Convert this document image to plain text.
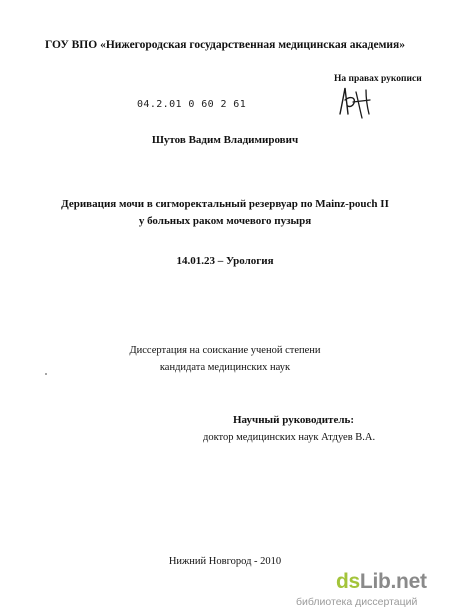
ГОУ ВПО «Нижегородская государственная медицинская академия»
На правах рукописи
04.2.01 0 60 2 61
Шутов Вадим Владимирович
Деривация мочи в сигморектальный резервуар по Mainz-pouch II
у больных раком мочевого пузыря
14.01.23 – Урология
Диссертация на соискание ученой степени
кандидата медицинских наук
Научный руководитель:
доктор медицинских наук Атдуев В.А.
Нижний Новгород - 2010
dsLib.net
библиотека диссертаций
